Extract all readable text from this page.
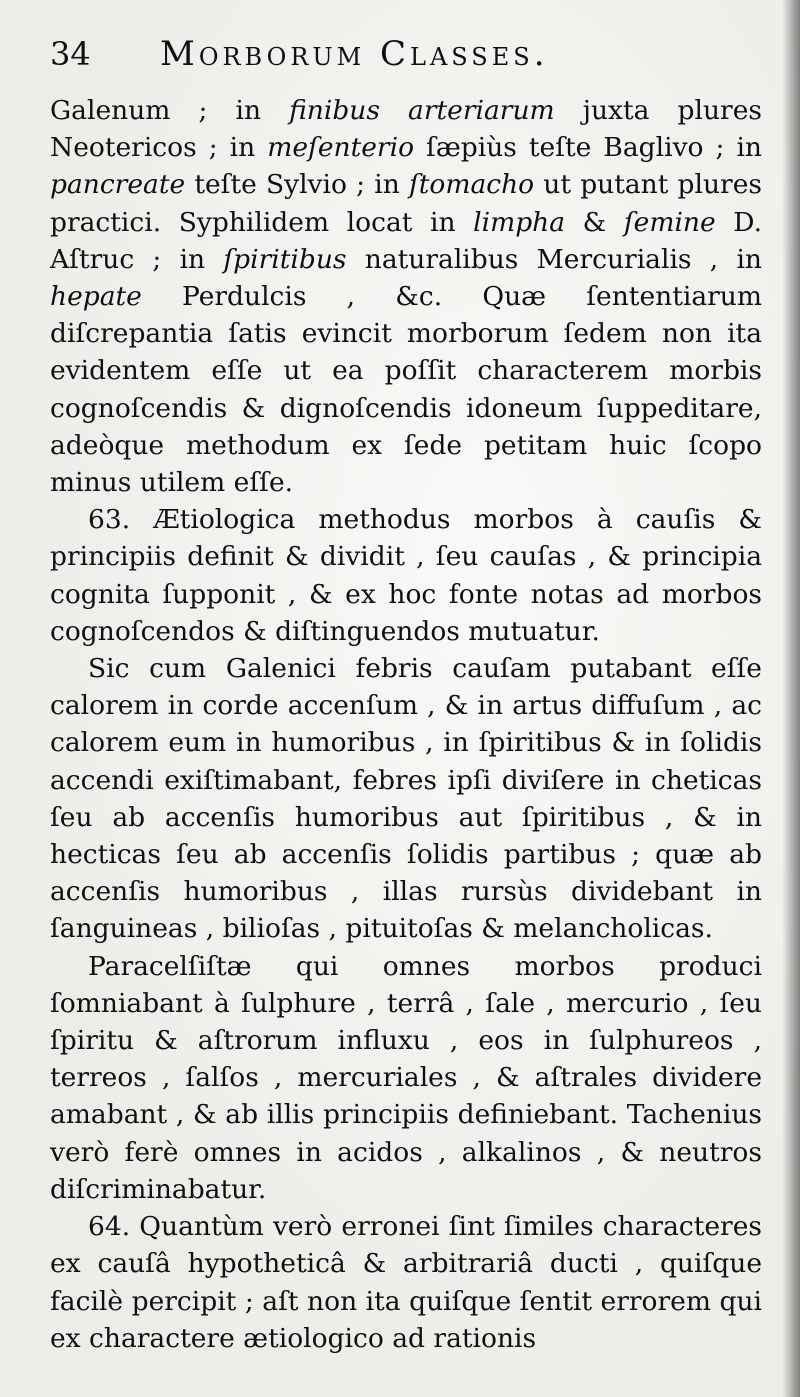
34	Morborum Classes.

Galenum ; in finibus arteriarum juxta plures Neotericos ; in meſenterio ſæpiùs teſte Baglivo ; in pancreate teſte Sylvio ; in ſtomacho ut putant plures practici. Syphilidem locat in limpha & ſemine D. Aſtruc ; in ſpiritibus naturalibus Mercurialis , in hepate Perdulcis , &c. Quæ ſententiarum diſcrepantia ſatis evincit morborum ſedem non ita evidentem eſſe ut ea poſſit characterem morbis cognoſcendis & dignoſcendis idoneum ſuppeditare, adeòque methodum ex ſede petitam huic ſcopo minus utilem eſſe.

63. Ætiologica methodus morbos à cauſis & principiis definit & dividit , ſeu cauſas , & principia cognita ſupponit , & ex hoc fonte notas ad morbos cognoſcendos & diſtinguendos mutuatur.

Sic cum Galenici febris cauſam putabant eſſe calorem in corde accenſum , & in artus diffuſum , ac calorem eum in humoribus , in ſpiritibus & in ſolidis accendi exiſtimabant, febres ipſi diviſere in cheticas ſeu ab accenſis humoribus aut ſpiritibus , & in hecticas ſeu ab accenſis ſolidis partibus ; quæ ab accenſis humoribus , illas rursùs dividebant in ſanguineas , bilioſas , pituitoſas & melancholicas.

Paracelſiſtæ qui omnes morbos produci ſomniabant à ſulphure , terrâ , ſale , mercurio , ſeu ſpiritu & aſtrorum influxu , eos in ſulphureos , terreos , ſalſos , mercuriales , & aſtrales dividere amabant , & ab illis principiis definiebant. Tachenius verò ferè omnes in acidos , alkalinos , & neutros diſcriminabatur.

64. Quantùm verò erronei ſint ſimiles characteres ex cauſâ hypotheticâ & arbitrariâ ducti , quiſque facilè percipit ; aſt non ita quiſque ſentit errorem qui ex charactere ætiologico ad rationis
